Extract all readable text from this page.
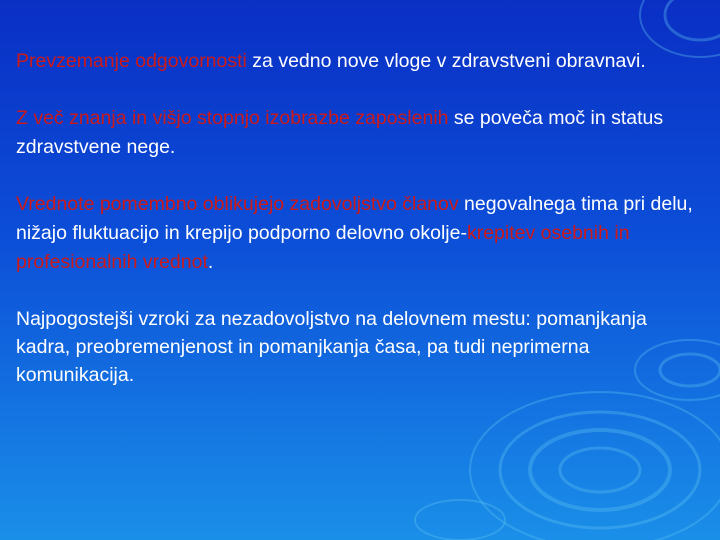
Prevzemanje odgovornosti za vedno nove vloge v zdravstveni obravnavi.

Z več znanja in višjo stopnjo izobrazbe zaposlenih se poveča moč in status zdravstvene nege.

Vrednote pomembno oblikujejo zadovoljstvo članov negovalnega tima pri delu, nižajo fluktuacijo in krepijo podporno delovno okolje-krepitev osebnih in profesionalnih vrednot.

Najpogostejši vzroki za nezadovoljstvo na delovnem mestu: pomanjkanja kadra, preobremenjenost in pomanjkanja časa, pa tudi neprimerna komunikacija.
